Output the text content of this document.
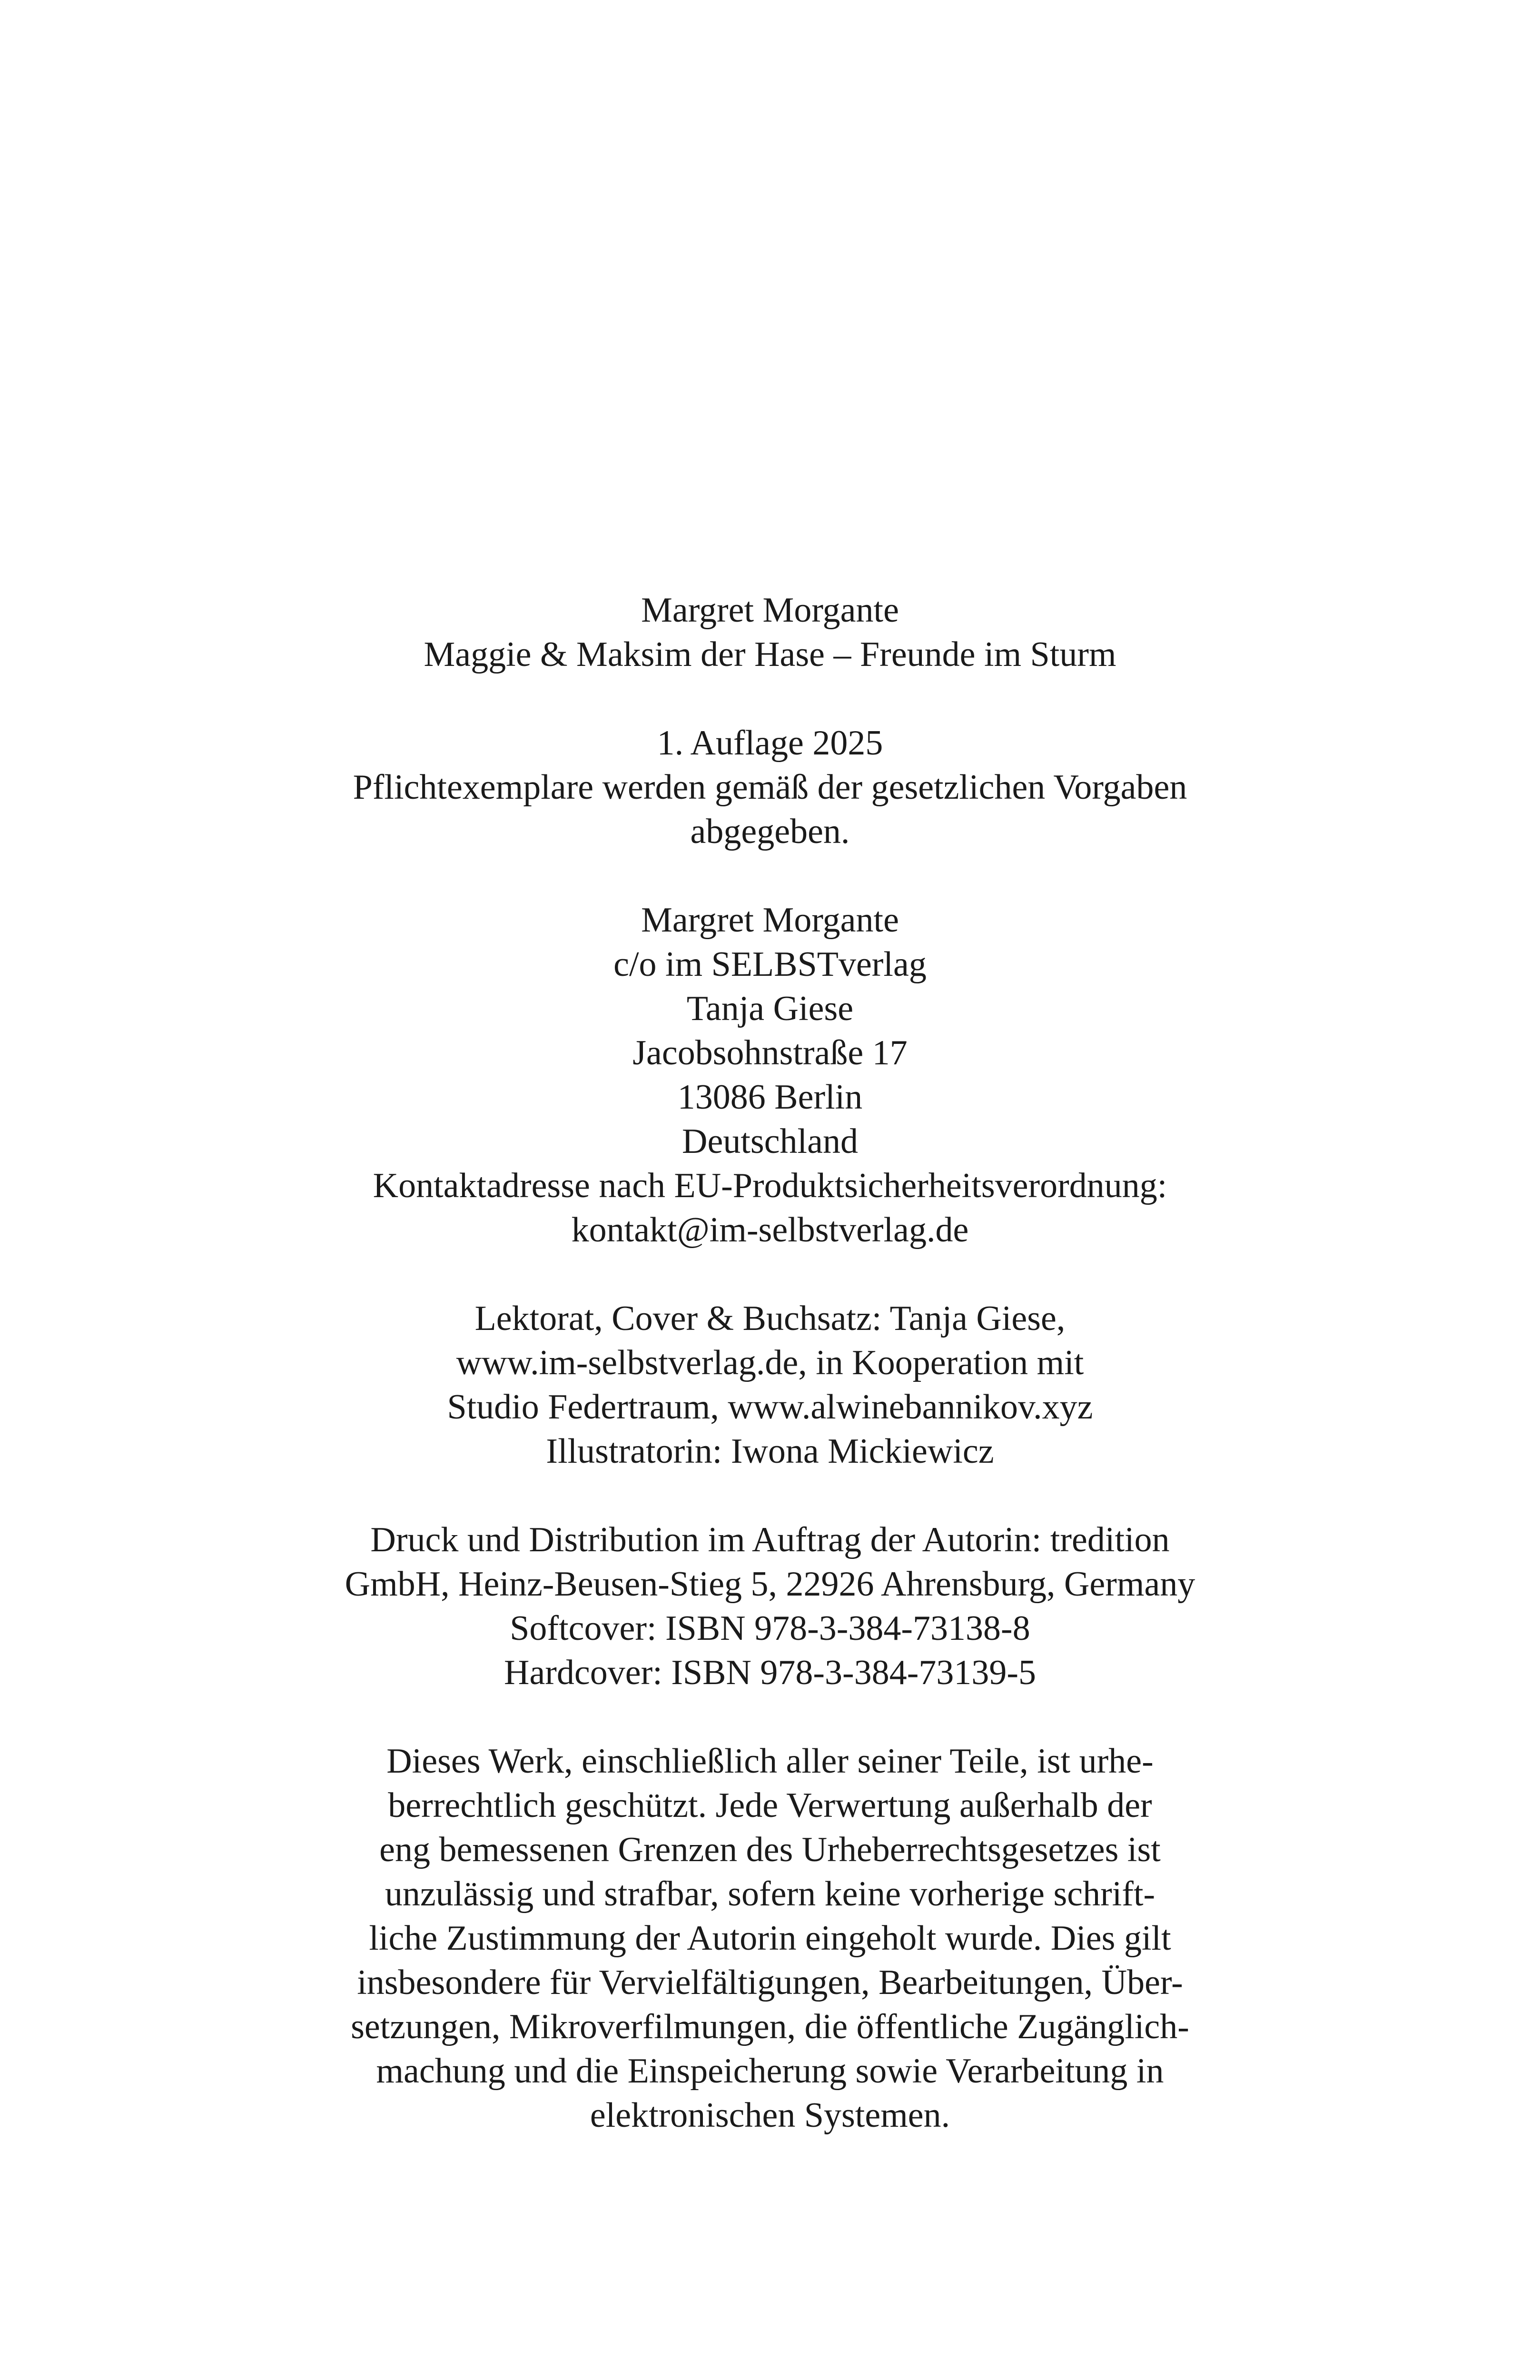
Margret Morgante
Maggie & Maksim der Hase – Freunde im Sturm
1. Auflage 2025
Pflichtexemplare werden gemäß der gesetzlichen Vorgaben
abgegeben.
Margret Morgante
c/o im SELBSTverlag
Tanja Giese
Jacobsohnstraße 17
13086 Berlin
Deutschland
Kontaktadresse nach EU-Produktsicherheitsverordnung:
kontakt@im-selbstverlag.de
Lektorat, Cover & Buchsatz: Tanja Giese,
www.im-selbstverlag.de, in Kooperation mit
Studio Federtraum, www.alwinebannikov.xyz
Illustratorin: Iwona Mickiewicz
Druck und Distribution im Auftrag der Autorin: tredition
GmbH, Heinz-Beusen-Stieg 5, 22926 Ahrensburg, Germany
Softcover: ISBN 978-3-384-73138-8
Hardcover: ISBN 978-3-384-73139-5
Dieses Werk, einschließlich aller seiner Teile, ist urhe-
berrechtlich geschützt. Jede Verwertung außerhalb der
eng bemessenen Grenzen des Urheberrechtsgesetzes ist
unzulässig und strafbar, sofern keine vorherige schrift-
liche Zustimmung der Autorin eingeholt wurde. Dies gilt
insbesondere für Vervielfältigungen, Bearbeitungen, Über-
setzungen, Mikroverfilmungen, die öffentliche Zugänglich-
machung und die Einspeicherung sowie Verarbeitung in
elektronischen Systemen.
